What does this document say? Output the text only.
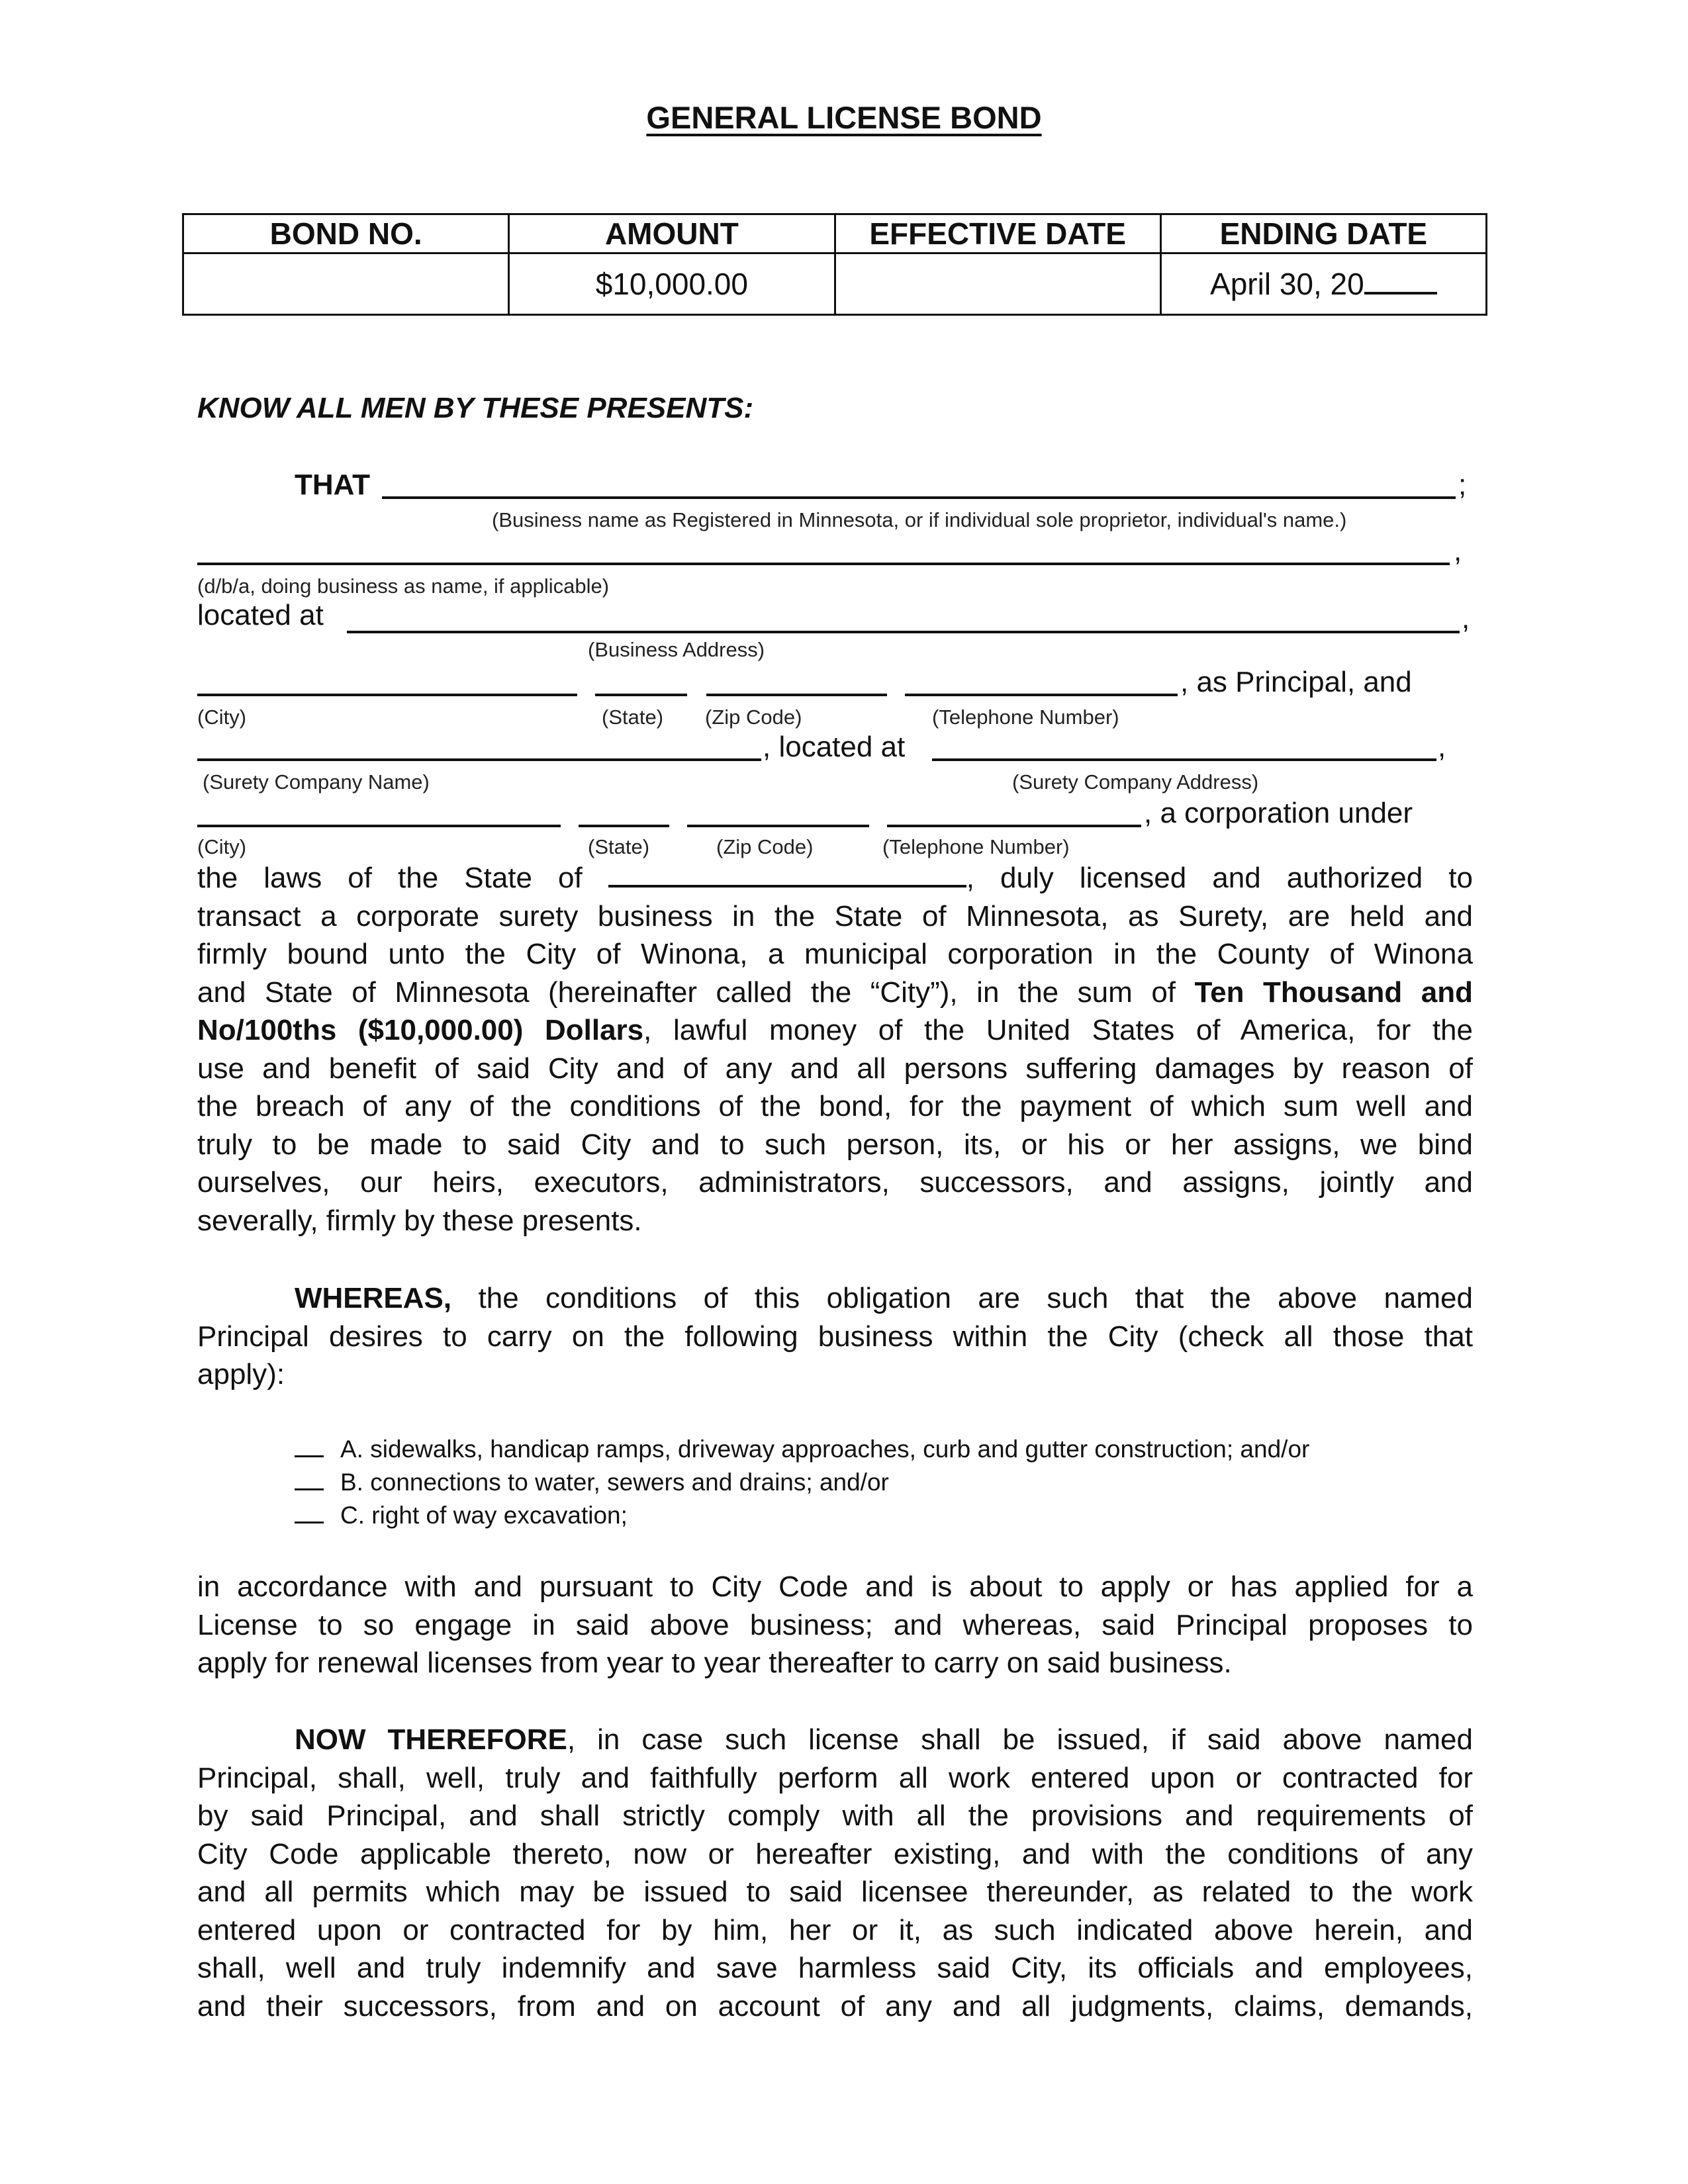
GENERAL LICENSE BOND
BOND NO.	AMOUNT	EFFECTIVE DATE	ENDING DATE
	$10,000.00		April 30, 20
KNOW ALL MEN BY THESE PRESENTS:
THAT	;
(Business name as Registered in Minnesota, or if individual sole proprietor, individual's name.)
,
(d/b/a, doing business as name, if applicable)
located at	,
(Business Address)
, as Principal, and
(City)	(State) (Zip Code)	(Telephone Number)
, located at	,
(Surety Company Name)	(Surety Company Address)
, a corporation under
(City)	(State)	(Zip Code)	(Telephone Number)
the laws of the State of	, duly licensed and authorized to
transact a corporate surety business in the State of Minnesota, as Surety, are held and
firmly bound unto the City of Winona, a municipal corporation in the County of Winona
and State of Minnesota (hereinafter called the “City”), in the sum of Ten Thousand and
No/100ths ($10,000.00) Dollars, lawful money of the United States of America, for the
use and benefit of said City and of any and all persons suffering damages by reason of
the breach of any of the conditions of the bond, for the payment of which sum well and
truly to be made to said City and to such person, its, or his or her assigns, we bind
ourselves, our heirs, executors, administrators, successors, and assigns, jointly and
severally, firmly by these presents.
WHEREAS, the conditions of this obligation are such that the above named
Principal desires to carry on the following business within the City (check all those that
apply):
A. sidewalks, handicap ramps, driveway approaches, curb and gutter construction; and/or
B. connections to water, sewers and drains; and/or
C. right of way excavation;
in accordance with and pursuant to City Code and is about to apply or has applied for a
License to so engage in said above business; and whereas, said Principal proposes to
apply for renewal licenses from year to year thereafter to carry on said business.
NOW THEREFORE, in case such license shall be issued, if said above named
Principal, shall, well, truly and faithfully perform all work entered upon or contracted for
by said Principal, and shall strictly comply with all the provisions and requirements of
City Code applicable thereto, now or hereafter existing, and with the conditions of any
and all permits which may be issued to said licensee thereunder, as related to the work
entered upon or contracted for by him, her or it, as such indicated above herein, and
shall, well and truly indemnify and save harmless said City, its officials and employees,
and their successors, from and on account of any and all judgments, claims, demands,
